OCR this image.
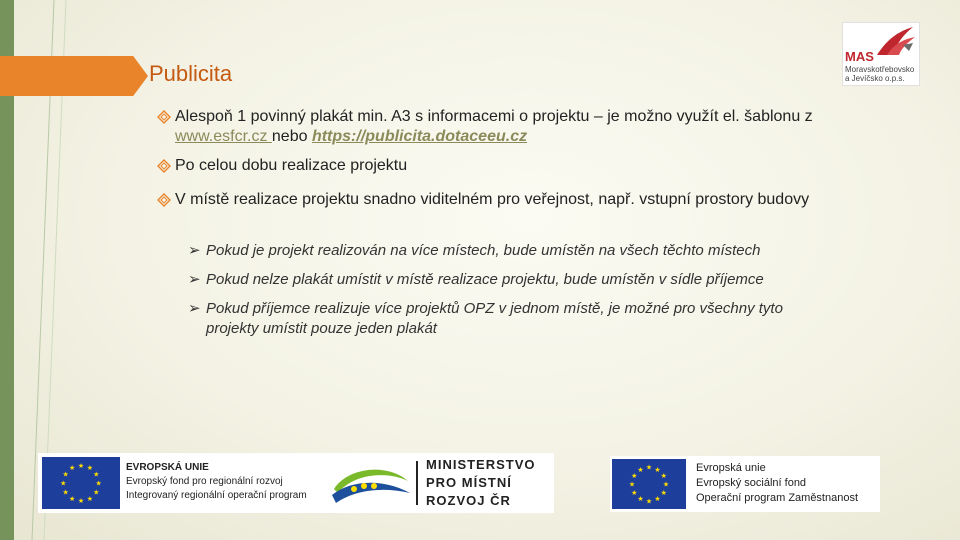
Publicita
Alespoň 1 povinný plakát min. A3 s informacemi o projektu – je možno využít el. šablonu z www.esfcr.cz nebo https://publicita.dotaceeu.cz
Po celou dobu realizace projektu
V místě realizace projektu snadno viditelném pro veřejnost, např. vstupní prostory budovy
➢ Pokud je projekt realizován na více místech, bude umístěn na všech těchto místech
➢ Pokud nelze plakát umístit v místě realizace projektu, bude umístěn v sídle příjemce
➢ Pokud příjemce realizuje více projektů OPZ v jednom místě, je možné pro všechny tyto projekty umístit pouze jeden plakát
MAS
Moravskotřebovsko
a Jevíčsko o.p.s.
★ ★
★
★
★
★
★
★
★
★
★
★	EVROPSKÁ UNIE
Evropský fond pro regionální rozvoj
Integrovaný regionální operační program
MINISTERSTVO
PRO MÍSTNÍ
ROZVOJ ČR
★ ★
★
★
★
★
★
★
★
★
★
★	Evropská unie
Evropský sociální fond
Operační program Zaměstnanost
